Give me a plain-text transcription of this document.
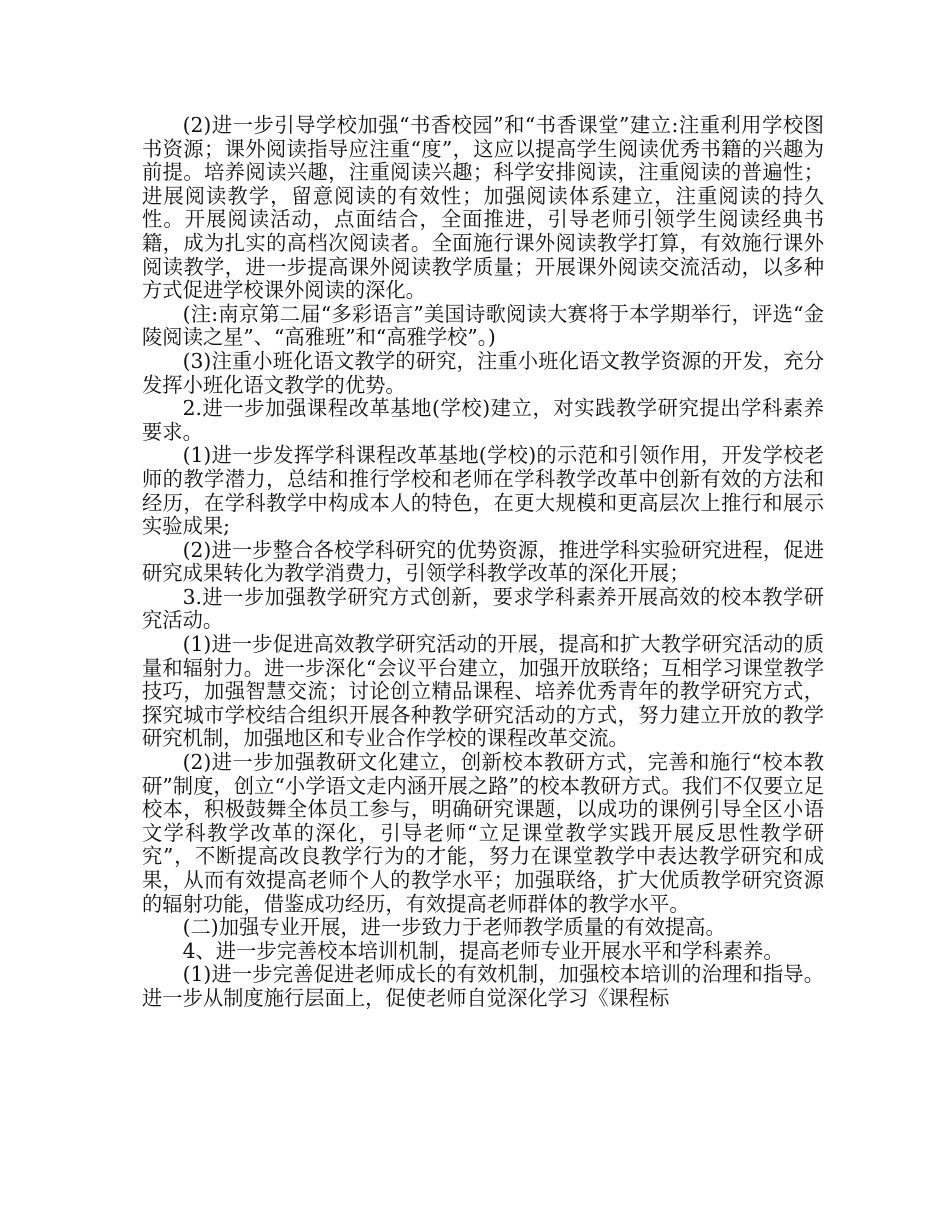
(2)进一步引导学校加强“书香校园”和“书香课堂”建立:注重利用学校图书资源；课外阅读指导应注重“度”，这应以提高学生阅读优秀书籍的兴趣为前提。培养阅读兴趣，注重阅读兴趣；科学安排阅读，注重阅读的普遍性；进展阅读教学，留意阅读的有效性；加强阅读体系建立，注重阅读的持久性。开展阅读活动，点面结合，全面推进，引导老师引领学生阅读经典书籍，成为扎实的高档次阅读者。全面施行课外阅读教学打算，有效施行课外阅读教学，进一步提高课外阅读教学质量；开展课外阅读交流活动，以多种方式促进学校课外阅读的深化。

(注:南京第二届“多彩语言”美国诗歌阅读大赛将于本学期举行，评选“金陵阅读之星”、“高雅班”和“高雅学校”。)

(3)注重小班化语文教学的研究，注重小班化语文教学资源的开发，充分发挥小班化语文教学的优势。

2.进一步加强课程改革基地(学校)建立，对实践教学研究提出学科素养要求。

(1)进一步发挥学科课程改革基地(学校)的示范和引领作用，开发学校老师的教学潜力，总结和推行学校和老师在学科教学改革中创新有效的方法和经历，在学科教学中构成本人的特色，在更大规模和更高层次上推行和展示实验成果;

(2)进一步整合各校学科研究的优势资源，推进学科实验研究进程，促进研究成果转化为教学消费力，引领学科教学改革的深化开展；

3.进一步加强教学研究方式创新，要求学科素养开展高效的校本教学研究活动。

(1)进一步促进高效教学研究活动的开展，提高和扩大教学研究活动的质量和辐射力。进一步深化“会议平台建立，加强开放联络；互相学习课堂教学技巧，加强智慧交流；讨论创立精品课程、培养优秀青年的教学研究方式，探究城市学校结合组织开展各种教学研究活动的方式，努力建立开放的教学研究机制，加强地区和专业合作学校的课程改革交流。

(2)进一步加强教研文化建立，创新校本教研方式，完善和施行“校本教研”制度，创立“小学语文走内涵开展之路”的校本教研方式。我们不仅要立足校本，积极鼓舞全体员工参与，明确研究课题，以成功的课例引导全区小语文学科教学改革的深化，引导老师“立足课堂教学实践开展反思性教学研究”，不断提高改良教学行为的才能，努力在课堂教学中表达教学研究和成果，从而有效提高老师个人的教学水平；加强联络，扩大优质教学研究资源的辐射功能，借鉴成功经历，有效提高老师群体的教学水平。

(二)加强专业开展，进一步致力于老师教学质量的有效提高。

4、进一步完善校本培训机制，提高老师专业开展水平和学科素养。

(1)进一步完善促进老师成长的有效机制，加强校本培训的治理和指导。进一步从制度施行层面上，促使老师自觉深化学习《课程标
